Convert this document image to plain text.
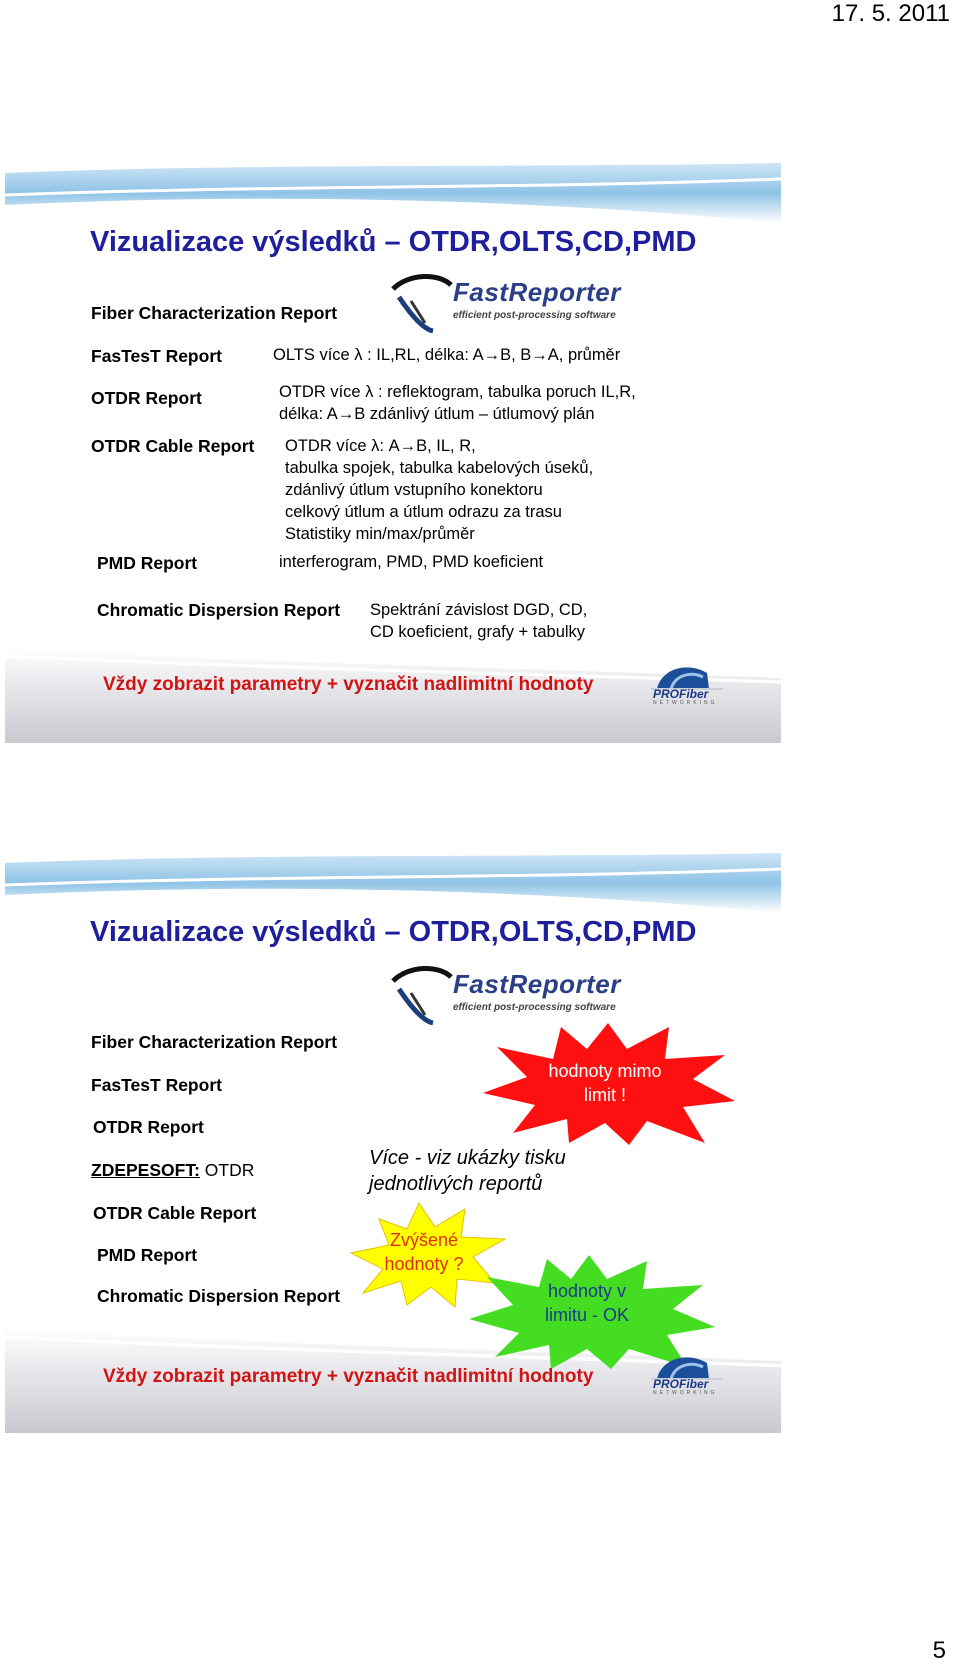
17. 5. 2011
Vizualizace výsledků – OTDR,OLTS,CD,PMD
FastReporter
efficient post-processing software
Fiber Characterization Report
FasTesT Report	OLTS více λ : IL,RL, délka: A→B, B→A, průměr
OTDR Report	OTDR více λ : reflektogram, tabulka poruch IL,R,
délka: A→B zdánlivý útlum – útlumový plán
OTDR Cable Report OTDR více λ: A→B, IL, R,
tabulka spojek, tabulka kabelových úseků,
zdánlivý útlum vstupního konektoru
celkový útlum a útlum odrazu za trasu
Statistiky min/max/průměr
PMD Report	interferogram, PMD, PMD koeficient
Chromatic Dispersion Report Spektrání závislost DGD, CD,
CD koeficient, grafy + tabulky
Vždy zobrazit parametry + vyznačit nadlimitní hodnoty	PROFiber
NETWORKING
Vizualizace výsledků – OTDR,OLTS,CD,PMD
FastReporter
efficient post-processing software
hodnoty mimo
limit !
Fiber Characterization Report
FasTesT Report
OTDR Report
ZDEPESOFT: OTDR
Více - viz ukázky tisku
jednotlivých reportů
OTDR Cable Report
Zvýšené
hodnoty ?
PMD Report
hodnoty v
limitu - OK
Chromatic Dispersion Report
Vždy zobrazit parametry + vyznačit nadlimitní hodnoty	PROFiber
NETWORKING
5
